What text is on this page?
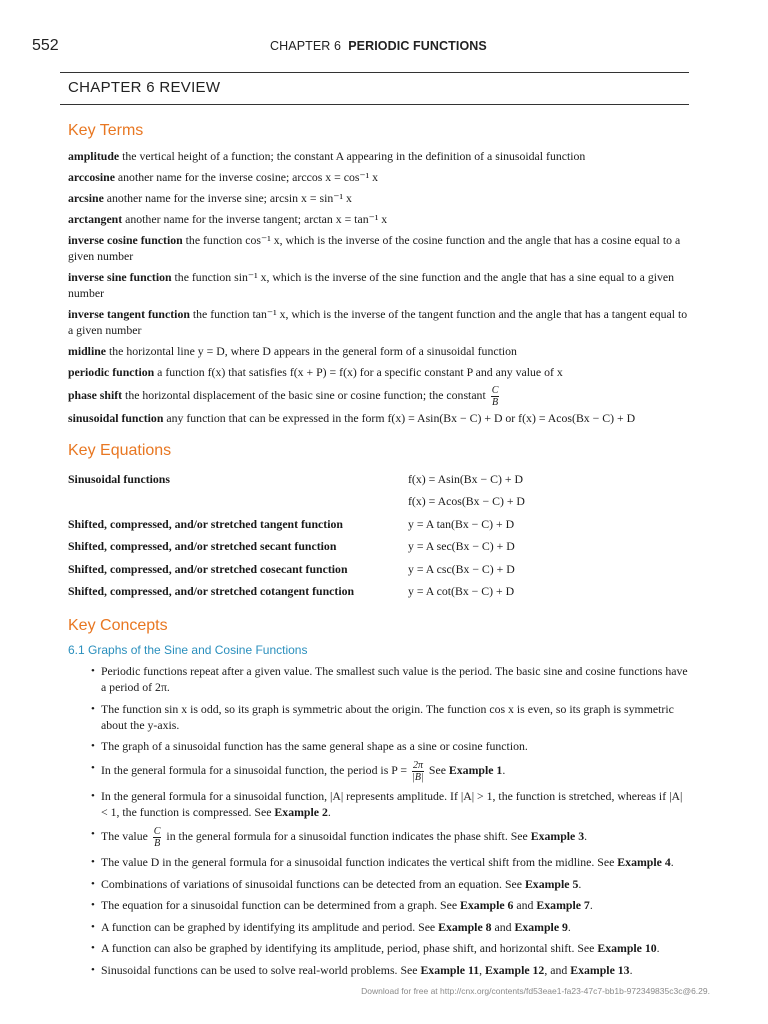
552	CHAPTER 6 PERIODIC FUNCTIONS
CHAPTER 6 REVIEW
Key Terms
amplitude the vertical height of a function; the constant A appearing in the definition of a sinusoidal function
arccosine another name for the inverse cosine; arccos x = cos⁻¹ x
arcsine another name for the inverse sine; arcsin x = sin⁻¹ x
arctangent another name for the inverse tangent; arctan x = tan⁻¹ x
inverse cosine function the function cos⁻¹ x, which is the inverse of the cosine function and the angle that has a cosine equal to a given number
inverse sine function the function sin⁻¹ x, which is the inverse of the sine function and the angle that has a sine equal to a given number
inverse tangent function the function tan⁻¹ x, which is the inverse of the tangent function and the angle that has a tangent equal to a given number
midline the horizontal line y = D, where D appears in the general form of a sinusoidal function
periodic function a function f(x) that satisfies f(x + P) = f(x) for a specific constant P and any value of x
phase shift the horizontal displacement of the basic sine or cosine function; the constant $\frac{C}{B}$
sinusoidal function any function that can be expressed in the form f(x) = Asin(Bx − C) + D or f(x) = Acos(Bx − C) + D
Key Equations
Sinusoidal functions	f(x) = Asin(Bx − C) + D
	f(x) = Acos(Bx − C) + D
Shifted, compressed, and/or stretched tangent function	y = A tan(Bx − C) + D
Shifted, compressed, and/or stretched secant function	y = A sec(Bx − C) + D
Shifted, compressed, and/or stretched cosecant function	y = A csc(Bx − C) + D
Shifted, compressed, and/or stretched cotangent function	y = A cot(Bx − C) + D
Key Concepts
6.1 Graphs of the Sine and Cosine Functions
• Periodic functions repeat after a given value. The smallest such value is the period. The basic sine and cosine functions have a period of 2π.
• The function sin x is odd, so its graph is symmetric about the origin. The function cos x is even, so its graph is symmetric about the y-axis.
• The graph of a sinusoidal function has the same general shape as a sine or cosine function.
• In the general formula for a sinusoidal function, the period is $P = \frac{2\pi}{|B|}$ See Example 1.
• In the general formula for a sinusoidal function, |A| represents amplitude. If |A| > 1, the function is stretched, whereas if |A| < 1, the function is compressed. See Example 2.
• The value $\frac{C}{B}$ in the general formula for a sinusoidal function indicates the phase shift. See Example 3.
• The value D in the general formula for a sinusoidal function indicates the vertical shift from the midline. See Example 4.
• Combinations of variations of sinusoidal functions can be detected from an equation. See Example 5.
• The equation for a sinusoidal function can be determined from a graph. See Example 6 and Example 7.
• A function can be graphed by identifying its amplitude and period. See Example 8 and Example 9.
• A function can also be graphed by identifying its amplitude, period, phase shift, and horizontal shift. See Example 10.
• Sinusoidal functions can be used to solve real-world problems. See Example 11, Example 12, and Example 13.
Download for free at http://cnx.org/contents/fd53eae1-fa23-47c7-bb1b-972349835c3c@6.29.
